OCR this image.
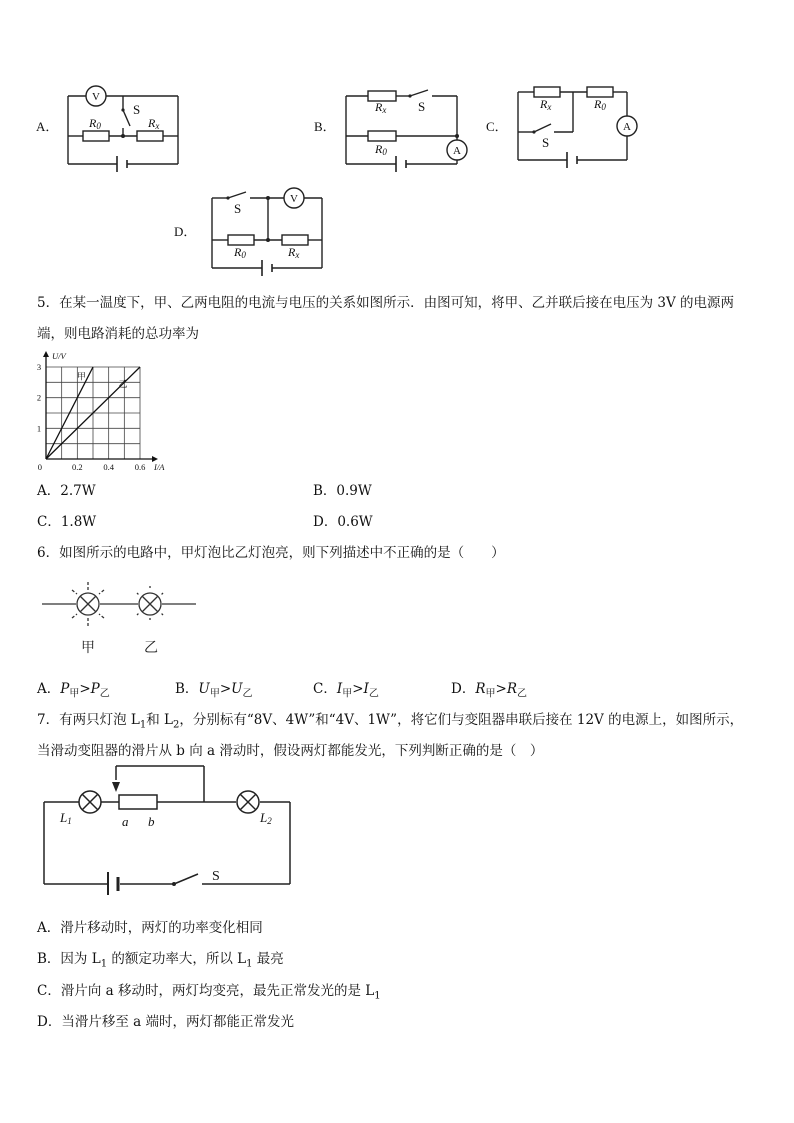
A．	B．	C．
D．
V
A
A
V
S	S
S
S
R0	Rx
Rx
R0
Rx	R0
R0	Rx
5．在某一温度下，甲、乙两电阻的电流与电压的关系如图所示．由图可知，将甲、乙并联后接在电压为 3V 的电源两
端，则电路消耗的总功率为
0	0.2 0.4 0.6
1
2
3
I/A
U/V
甲
乙
A．2.7W	B．0.9W
C．1.8W	D．0.6W
6．如图所示的电路中，甲灯泡比乙灯泡亮，则下列描述中不正确的是（　　）
甲	乙
A．$P_甲>P_乙$	B．$U_甲>U_乙$	C．$I_甲>I_乙$	D．$R_甲>R_乙$
7．有两只灯泡 $L_1$和 $L_2$，分别标有“8V、4W”和“4V、1W”，将它们与变阻器串联后接在 12V 的电源上，如图所示，
当滑动变阻器的滑片从 b 向 a 滑动时，假设两灯都能发光，下列判断正确的是（　）
L1	L2
a b
S
A．滑片移动时，两灯的功率变化相同
B．因为 $L_1$ 的额定功率大，所以 $L_1$ 最亮
C．滑片向 a 移动时，两灯均变亮，最先正常发光的是 $L_1$
D．当滑片移至 a 端时，两灯都能正常发光
